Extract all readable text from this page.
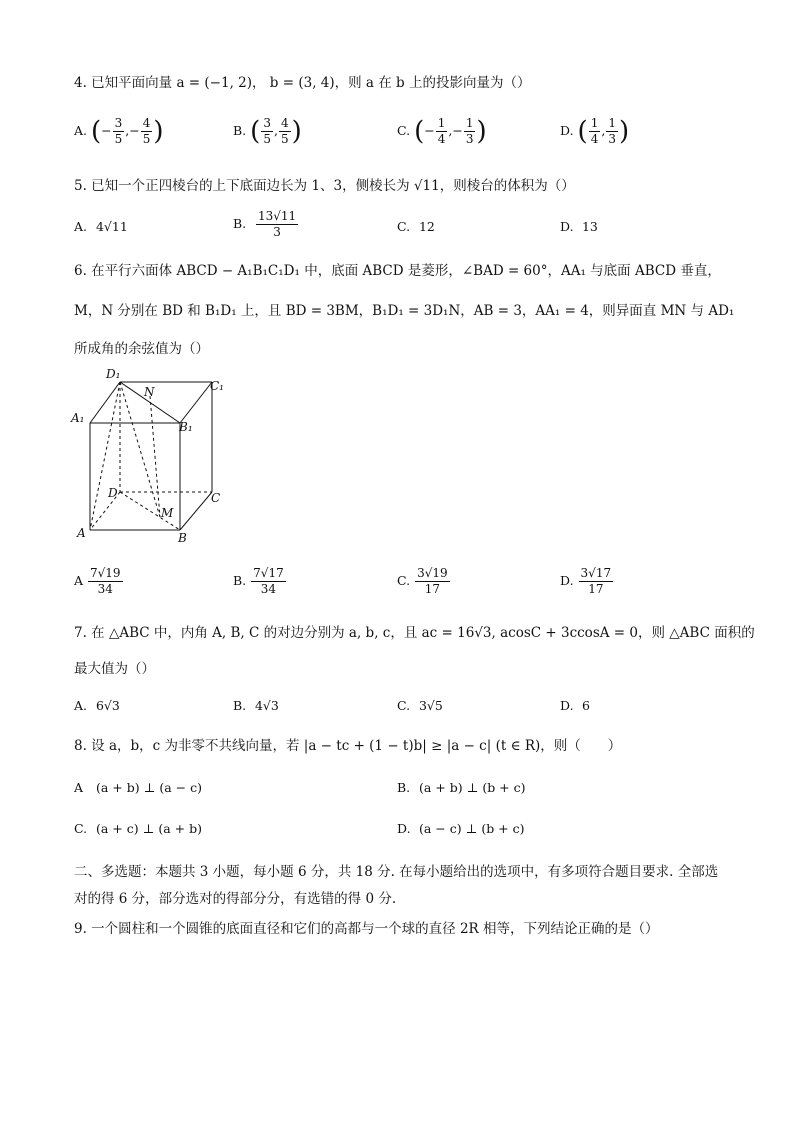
4. 已知平面向量 a = (−1, 2)， b = (3, 4)，则 a 在 b 上的投影向量为（）
A. (− $\frac{3}{5}$ ,− $\frac{4}{5}$ )	B. ( $\frac{3}{5}$ , $\frac{4}{5}$ )	C. (− $\frac{1}{4}$ ,− $\frac{1}{3}$ )	D. ( $\frac{1}{4}$ , $\frac{1}{3}$ )
5. 已知一个正四棱台的上下底面边长为 1、3，侧棱长为 √11，则棱台的体积为（）
A. 4√11	B. $\frac{13√11}{3}$	C. 12	D. 13
6. 在平行六面体 ABCD − A₁B₁C₁D₁ 中，底面 ABCD 是菱形，∠BAD = 60°，AA₁ 与底面 ABCD 垂直，
M，N 分别在 BD 和 B₁D₁ 上，且 BD = 3BM，B₁D₁ = 3D₁N，AB = 3，AA₁ = 4，则异面直 MN 与 AD₁
所成角的余弦值为（）
D₁
N	C₁
A₁
B₁
D	C
M
A	B
A $\frac{7√19}{34}$	B. $\frac{7√17}{34}$	C. $\frac{3√19}{17}$	D. $\frac{3√17}{17}$
7. 在 △ABC 中，内角 A, B, C 的对边分别为 a, b, c，且 ac = 16√3, acosC + 3ccosA = 0，则 △ABC 面积的
最大值为（）
A. 6√3	B. 4√3	C. 3√5	D. 6
8. 设 a，b，c 为非零不共线向量，若 |a − tc + (1 − t)b| ≥ |a − c| (t ∈ R)，则（　　）
A (a + b) ⊥ (a − c)	B. (a + b) ⊥ (b + c)
C. (a + c) ⊥ (a + b)	D. (a − c) ⊥ (b + c)
二、多选题：本题共 3 小题，每小题 6 分，共 18 分. 在每小题给出的选项中，有多项符合题目要求. 全部选
对的得 6 分，部分选对的得部分分，有选错的得 0 分.
9. 一个圆柱和一个圆锥的底面直径和它们的高都与一个球的直径 2R 相等，下列结论正确的是（）
